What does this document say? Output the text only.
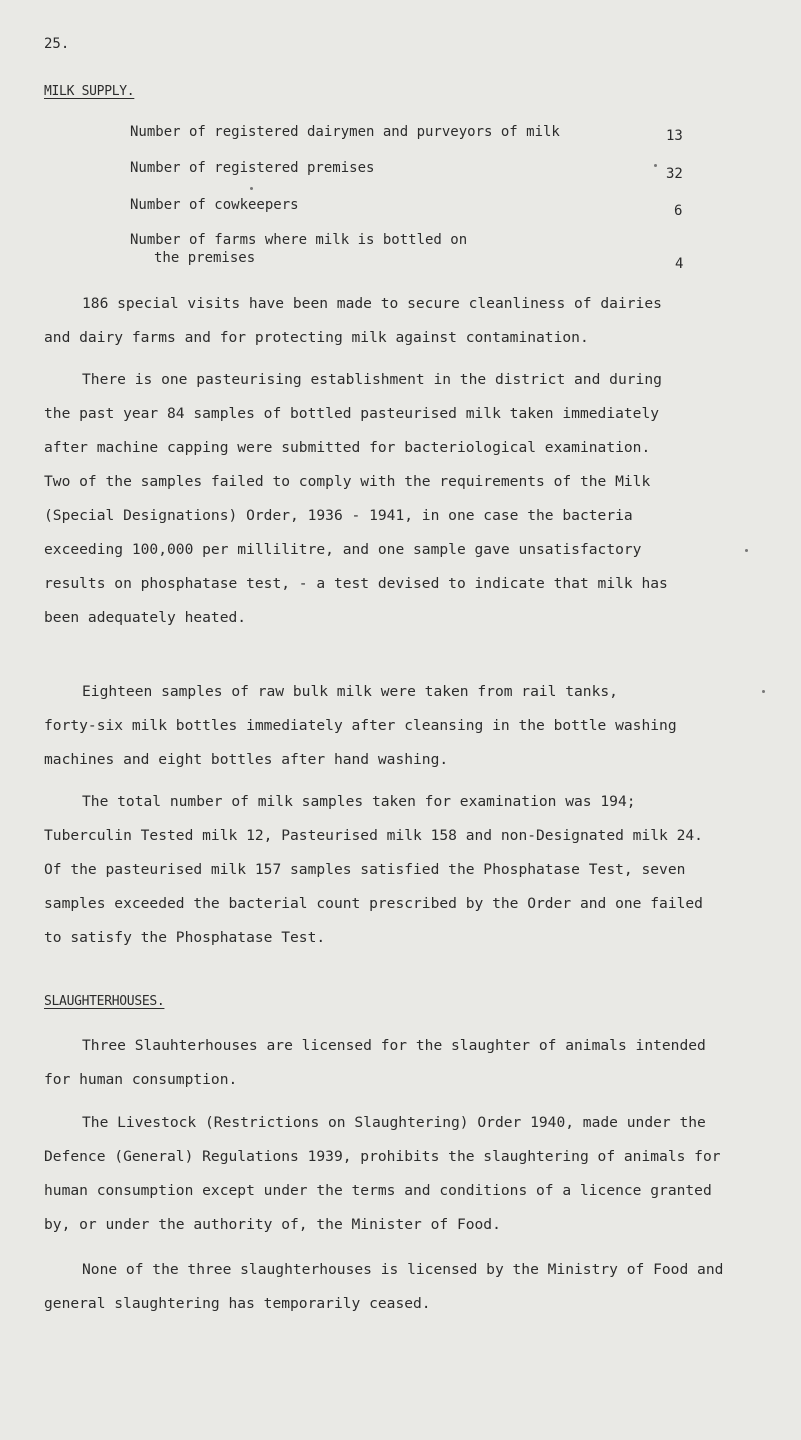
25.
MILK SUPPLY.
Number of registered dairymen and purveyors of milk	13
Number of registered premises	32
Number of cowkeepers	6
Number of farms where milk is bottled on
the premises	4

186 special visits have been made to secure cleanliness of dairies
and dairy farms and for protecting milk against contamination.

There is one pasteurising establishment in the district and during
the past year 84 samples of bottled pasteurised milk taken immediately
after machine capping were submitted for bacteriological examination.
Two of the samples failed to comply with the requirements of the Milk
(Special Designations) Order, 1936 - 1941, in one case the bacteria
exceeding 100,000 per millilitre, and one sample gave unsatisfactory
results on phosphatase test, - a test devised to indicate that milk has
been adequately heated.

Eighteen samples of raw bulk milk were taken from rail tanks,
forty-six milk bottles immediately after cleansing in the bottle washing
machines and eight bottles after hand washing.

The total number of milk samples taken for examination was 194;
Tuberculin Tested milk 12, Pasteurised milk 158 and non-Designated milk 24.
Of the pasteurised milk 157 samples satisfied the Phosphatase Test, seven
samples exceeded the bacterial count prescribed by the Order and one failed
to satisfy the Phosphatase Test.

SLAUGHTERHOUSES.

Three Slauhterhouses are licensed for the slaughter of animals intended
for human consumption.

The Livestock (Restrictions on Slaughtering) Order 1940, made under the
Defence (General) Regulations 1939, prohibits the slaughtering of animals for
human consumption except under the terms and conditions of a licence granted
by, or under the authority of, the Minister of Food.

None of the three slaughterhouses is licensed by the Ministry of Food and
general slaughtering has temporarily ceased.
